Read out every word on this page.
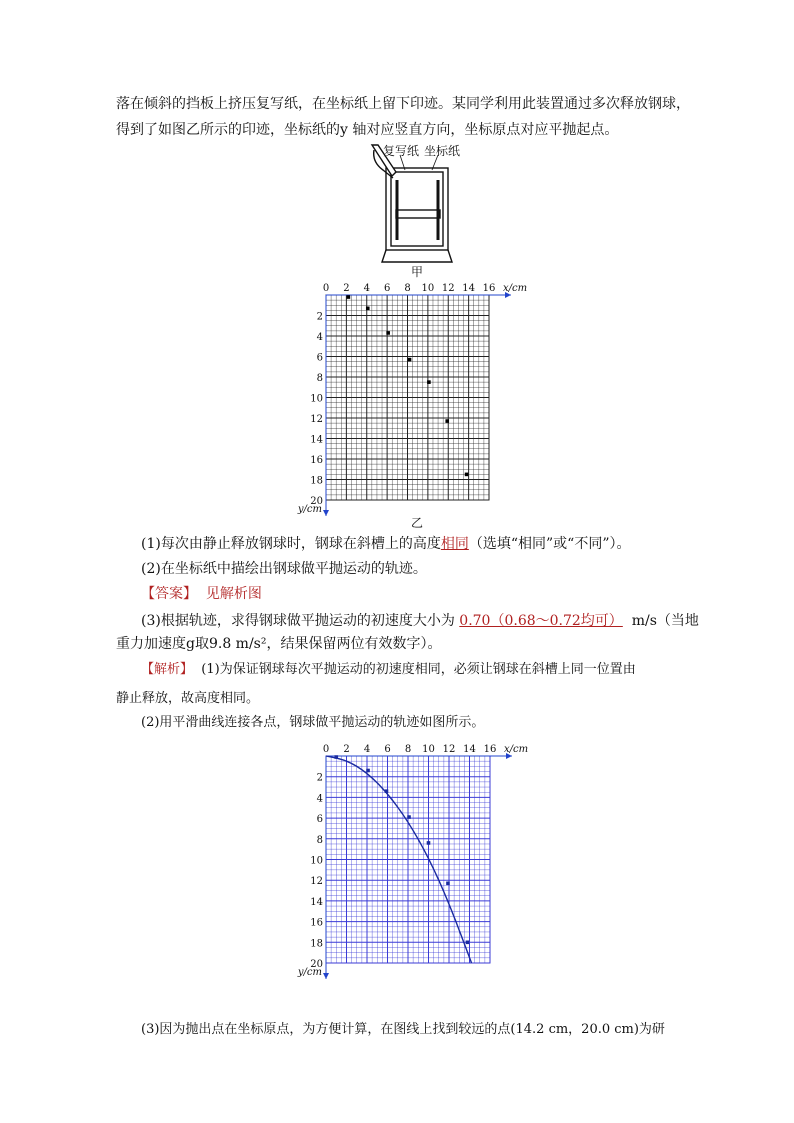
落在倾斜的挡板上挤压复写纸，在坐标纸上留下印迹。某同学利用此装置通过多次释放钢球，
得到了如图乙所示的印迹，坐标纸的y 轴对应竖直方向，坐标原点对应平抛起点。
复写纸 坐标纸
甲
0 2 4 6 8 10 12 14 16
2
4
6
8
10
12
14
16
18
20
x/cm
y/cm
乙
(1)每次由静止释放钢球时，钢球在斜槽上的高度相同（选填“相同”或“不同”）。
(2)在坐标纸中描绘出钢球做平抛运动的轨迹。
【答案】 见解析图
(3)根据轨迹，求得钢球做平抛运动的初速度大小为 0.70（0.68～0.72均可） m/s（当地
重力加速度g取9.8 m/s²，结果保留两位有效数字）。
【解析】 (1)为保证钢球每次平抛运动的初速度相同，必须让钢球在斜槽上同一位置由
静止释放，故高度相同。
(2)用平滑曲线连接各点，钢球做平抛运动的轨迹如图所示。
0 2 4 6 8 10 12 14 16
2
4
6
8
10
12
14
16
18
20
x/cm
y/cm
(3)因为抛出点在坐标原点，为方便计算，在图线上找到较远的点(14.2 cm，20.0 cm)为研
